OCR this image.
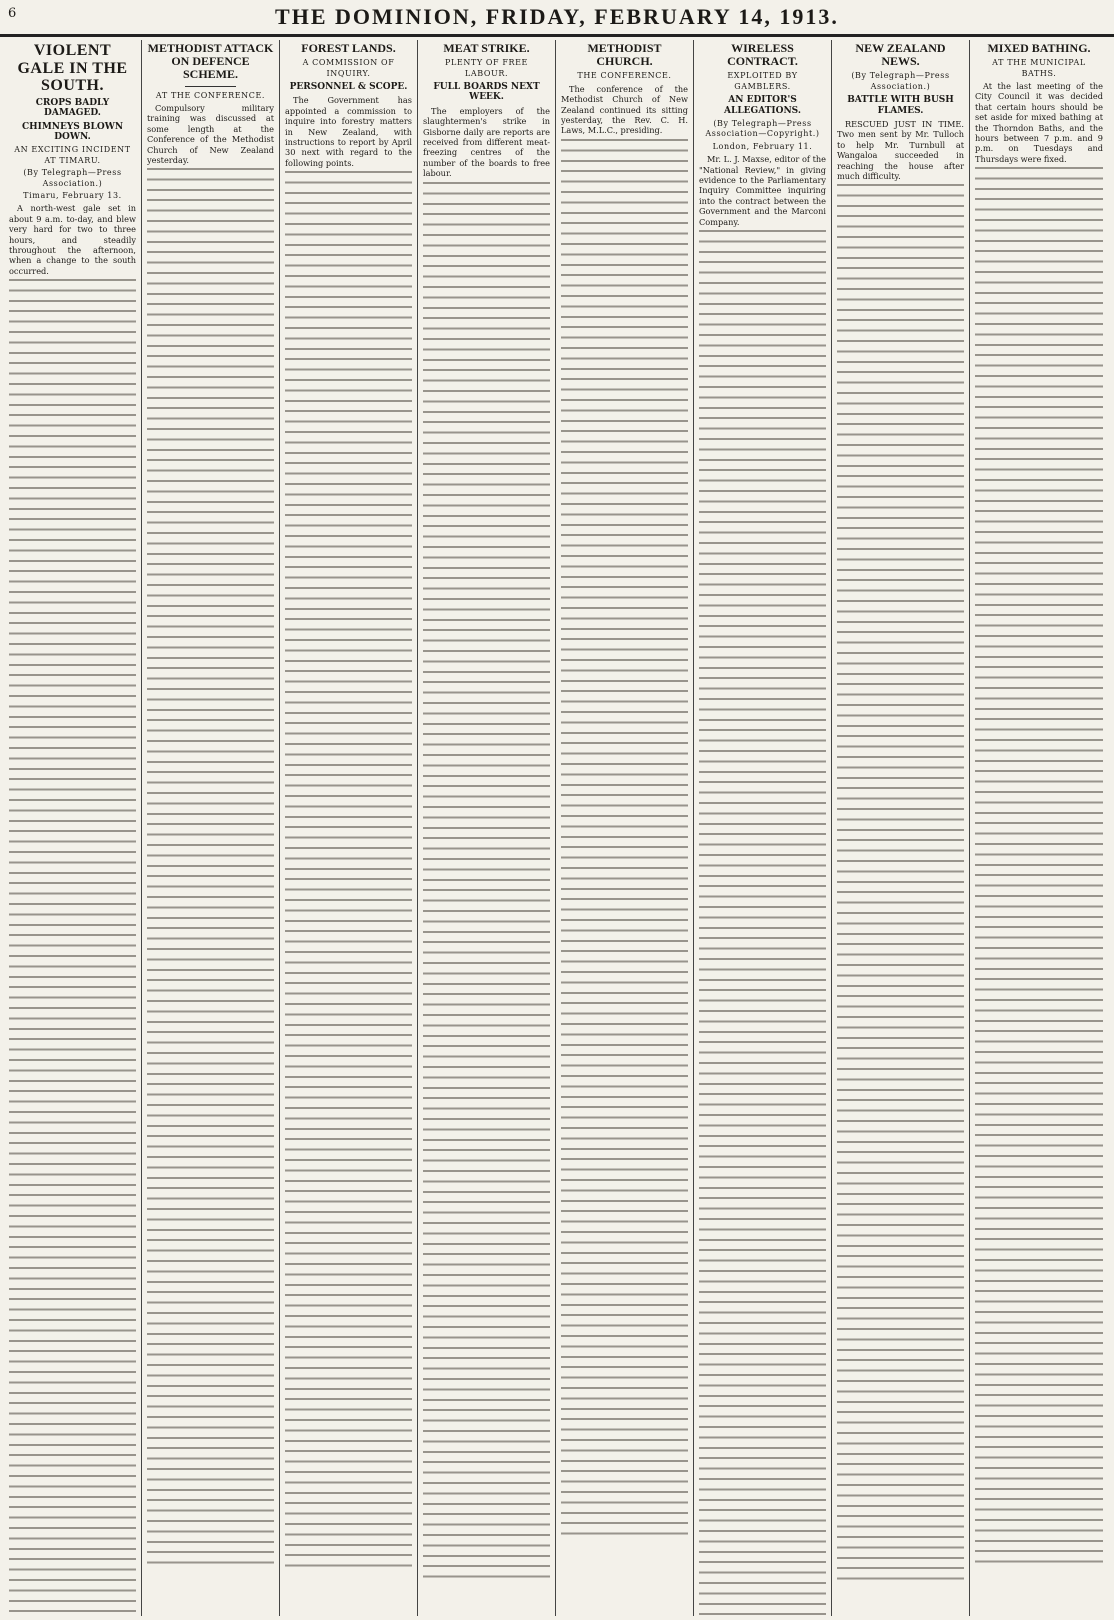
6	THE DOMINION, FRIDAY, FEBRUARY 14, 1913.
VIOLENT GALE IN THE SOUTH.
CROPS BADLY DAMAGED.
CHIMNEYS BLOWN DOWN.
AN EXCITING INCIDENT AT TIMARU.
(By Telegraph—Press Association.)
Timaru, February 13.

A north-west gale set in about 9 a.m. to-day, and blew very hard for two to three hours, and steadily throughout the afternoon, when a change to the south occurred.

METHODIST ATTACK ON DEFENCE SCHEME.
AT THE CONFERENCE.

Compulsory military training was discussed at some length at the Conference of the Methodist Church of New Zealand yesterday.

FOREST LANDS.
A COMMISSION OF INQUIRY.
PERSONNEL & SCOPE.

The Government has appointed a commission to inquire into forestry matters in New Zealand, with instructions to report by April 30 next with regard to the following points.

MEAT STRIKE.
PLENTY OF FREE LABOUR.
FULL BOARDS NEXT WEEK.

The employers of the slaughtermen's strike in Gisborne daily are reports are received from different meat-freezing centres of the number of the boards to free labour.

METHODIST CHURCH.
THE CONFERENCE.

The conference of the Methodist Church of New Zealand continued its sitting yesterday, the Rev. C. H. Laws, M.L.C., presiding.

WIRELESS CONTRACT.
EXPLOITED BY GAMBLERS.
AN EDITOR'S ALLEGATIONS.
(By Telegraph—Press Association—Copyright.)
London, February 11.

Mr. L. J. Maxse, editor of the "National Review," in giving evidence to the Parliamentary Inquiry Committee inquiring into the contract between the Government and the Marconi Company.

NEW ZEALAND NEWS.
(By Telegraph—Press Association.)
BATTLE WITH BUSH FLAMES.

RESCUED JUST IN TIME. Two men sent by Mr. Tulloch to help Mr. Turnbull at Wangaloa succeeded in reaching the house after much difficulty.

MIXED BATHING.
AT THE MUNICIPAL BATHS.

At the last meeting of the City Council it was decided that certain hours should be set aside for mixed bathing at the Thorndon Baths, and the hours between 7 p.m. and 9 p.m. on Tuesdays and Thursdays were fixed.
